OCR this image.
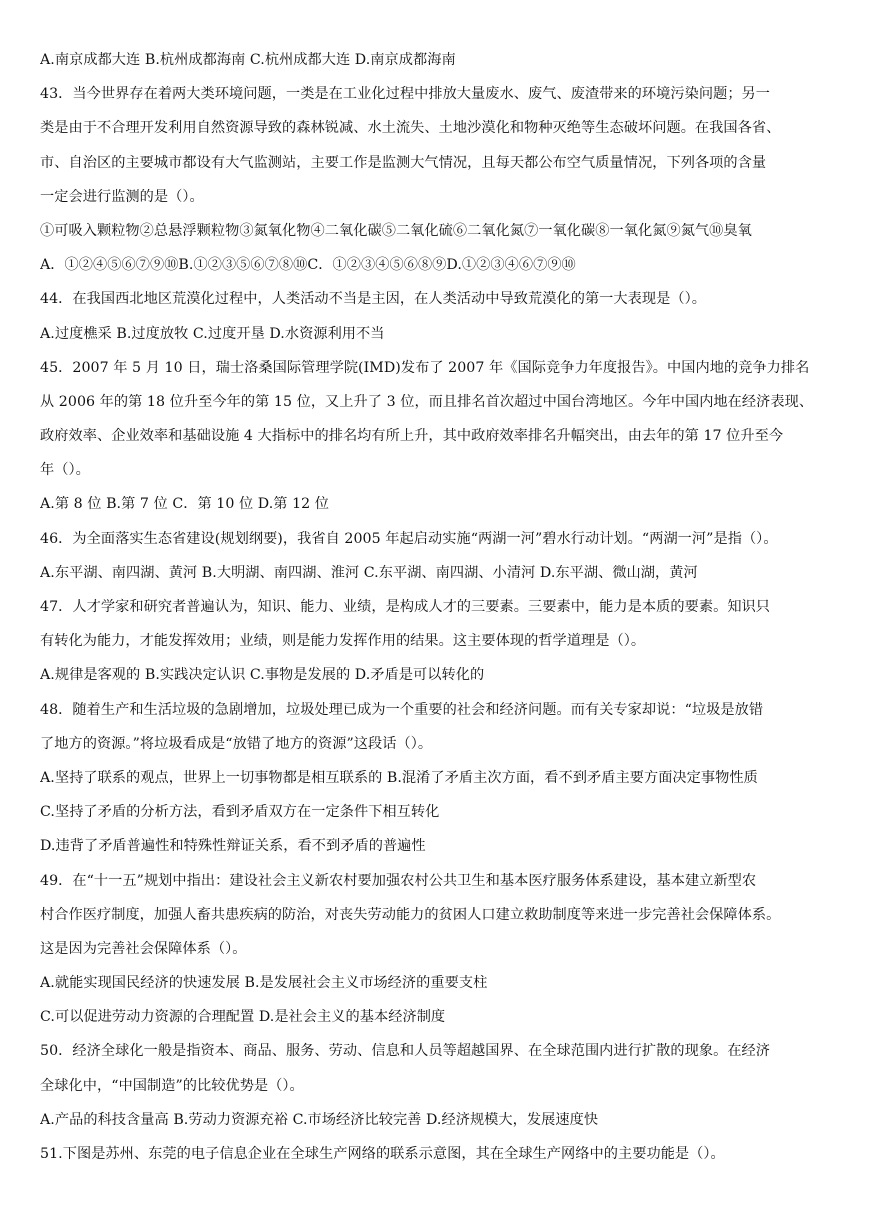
A.南京成都大连 B.杭州成都海南 C.杭州成都大连 D.南京成都海南
43．当今世界存在着两大类环境问题，一类是在工业化过程中排放大量废水、废气、废渣带来的环境污染问题；另一
类是由于不合理开发利用自然资源导致的森林锐减、水土流失、土地沙漠化和物种灭绝等生态破坏问题。在我国各省、
市、自治区的主要城市都设有大气监测站，主要工作是监测大气情况，且每天都公布空气质量情况，下列各项的含量
一定会进行监测的是（）。
①可吸入颗粒物②总悬浮颗粒物③氮氧化物④二氧化碳⑤二氧化硫⑥二氧化氮⑦一氧化碳⑧一氧化氮⑨氮气⑩臭氧
A．①②④⑤⑥⑦⑨⑩B.①②③⑤⑥⑦⑧⑩C．①②③④⑤⑥⑧⑨D.①②③④⑥⑦⑨⑩
44．在我国西北地区荒漠化过程中，人类活动不当是主因，在人类活动中导致荒漠化的第一大表现是（）。
A.过度樵采 B.过度放牧 C.过度开垦 D.水资源利用不当
45．2007 年 5 月 10 日，瑞士洛桑国际管理学院(IMD)发布了 2007 年《国际竞争力年度报告》。中国内地的竞争力排名
从 2006 年的第 18 位升至今年的第 15 位，又上升了 3 位，而且排名首次超过中国台湾地区。今年中国内地在经济表现、
政府效率、企业效率和基础设施 4 大指标中的排名均有所上升，其中政府效率排名升幅突出，由去年的第 17 位升至今
年（）。
A.第 8 位 B.第 7 位 C．第 10 位 D.第 12 位
46．为全面落实生态省建设(规划纲要)，我省自 2005 年起启动实施“两湖一河”碧水行动计划。“两湖一河”是指（）。
A.东平湖、南四湖、黄河 B.大明湖、南四湖、淮河 C.东平湖、南四湖、小清河 D.东平湖、微山湖，黄河
47．人才学家和研究者普遍认为，知识、能力、业绩，是构成人才的三要素。三要素中，能力是本质的要素。知识只
有转化为能力，才能发挥效用；业绩，则是能力发挥作用的结果。这主要体现的哲学道理是（）。
A.规律是客观的 B.实践决定认识 C.事物是发展的 D.矛盾是可以转化的
48．随着生产和生活垃圾的急剧增加，垃圾处理已成为一个重要的社会和经济问题。而有关专家却说：“垃圾是放错
了地方的资源。”将垃圾看成是“放错了地方的资源”这段话（）。
A.坚持了联系的观点，世界上一切事物都是相互联系的 B.混淆了矛盾主次方面，看不到矛盾主要方面决定事物性质
C.坚持了矛盾的分析方法，看到矛盾双方在一定条件下相互转化
D.违背了矛盾普遍性和特殊性辩证关系，看不到矛盾的普遍性
49．在“十一五”规划中指出：建设社会主义新农村要加强农村公共卫生和基本医疗服务体系建设，基本建立新型农
村合作医疗制度，加强人畜共患疾病的防治，对丧失劳动能力的贫困人口建立救助制度等来进一步完善社会保障体系。
这是因为完善社会保障体系（）。
A.就能实现国民经济的快速发展 B.是发展社会主义市场经济的重要支柱
C.可以促进劳动力资源的合理配置 D.是社会主义的基本经济制度
50．经济全球化一般是指资本、商品、服务、劳动、信息和人员等超越国界、在全球范围内进行扩散的现象。在经济
全球化中，“中国制造”的比较优势是（）。
A.产品的科技含量高 B.劳动力资源充裕 C.市场经济比较完善 D.经济规模大，发展速度快
51.下图是苏州、东莞的电子信息企业在全球生产网络的联系示意图，其在全球生产网络中的主要功能是（）。
